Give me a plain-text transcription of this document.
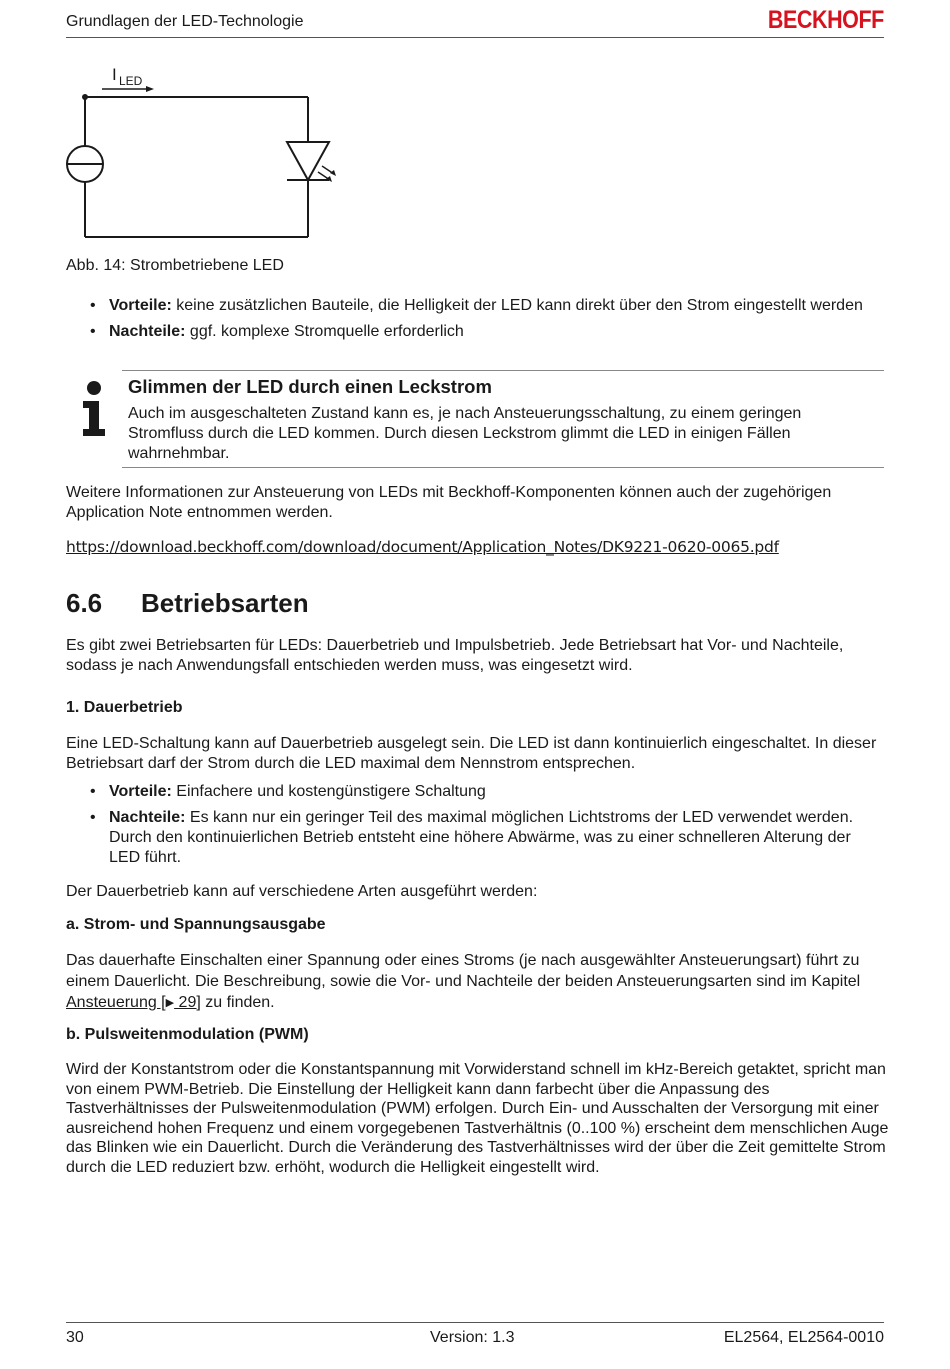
Grundlagen der LED-Technologie	BECKHOFF
I LED
Abb. 14: Strombetriebene LED
• Vorteile: keine zusätzlichen Bauteile, die Helligkeit der LED kann direkt über den Strom eingestellt werden
• Nachteile: ggf. komplexe Stromquelle erforderlich
Glimmen der LED durch einen Leckstrom
Auch im ausgeschalteten Zustand kann es, je nach Ansteuerungsschaltung, zu einem geringen Stromfluss durch die LED kommen. Durch diesen Leckstrom glimmt die LED in einigen Fällen wahrnehmbar.
Weitere Informationen zur Ansteuerung von LEDs mit Beckhoff-Komponenten können auch der zugehörigen Application Note entnommen werden.
https://download.beckhoff.com/download/document/Application_Notes/DK9221-0620-0065.pdf
6.6 Betriebsarten
Es gibt zwei Betriebsarten für LEDs: Dauerbetrieb und Impulsbetrieb. Jede Betriebsart hat Vor- und Nachteile, sodass je nach Anwendungsfall entschieden werden muss, was eingesetzt wird.
1. Dauerbetrieb
Eine LED-Schaltung kann auf Dauerbetrieb ausgelegt sein. Die LED ist dann kontinuierlich eingeschaltet. In dieser Betriebsart darf der Strom durch die LED maximal dem Nennstrom entsprechen.
• Vorteile: Einfachere und kostengünstigere Schaltung
• Nachteile: Es kann nur ein geringer Teil des maximal möglichen Lichtstroms der LED verwendet werden. Durch den kontinuierlichen Betrieb entsteht eine höhere Abwärme, was zu einer schnelleren Alterung der LED führt.
Der Dauerbetrieb kann auf verschiedene Arten ausgeführt werden:
a. Strom- und Spannungsausgabe
Das dauerhafte Einschalten einer Spannung oder eines Stroms (je nach ausgewählter Ansteuerungsart) führt zu einem Dauerlicht. Die Beschreibung, sowie die Vor- und Nachteile der beiden Ansteuerungsarten sind im Kapitel Ansteuerung [▶ 29] zu finden.
b. Pulsweitenmodulation (PWM)
Wird der Konstantstrom oder die Konstantspannung mit Vorwiderstand schnell im kHz-Bereich getaktet, spricht man von einem PWM-Betrieb. Die Einstellung der Helligkeit kann dann farbecht über die Anpassung des Tastverhältnisses der Pulsweitenmodulation (PWM) erfolgen. Durch Ein- und Ausschalten der Versorgung mit einer ausreichend hohen Frequenz und einem vorgegebenen Tastverhältnis (0..100 %) erscheint dem menschlichen Auge das Blinken wie ein Dauerlicht. Durch die Veränderung des Tastverhältnisses wird der über die Zeit gemittelte Strom durch die LED reduziert bzw. erhöht, wodurch die Helligkeit eingestellt wird.
30	Version: 1.3	EL2564, EL2564-0010
